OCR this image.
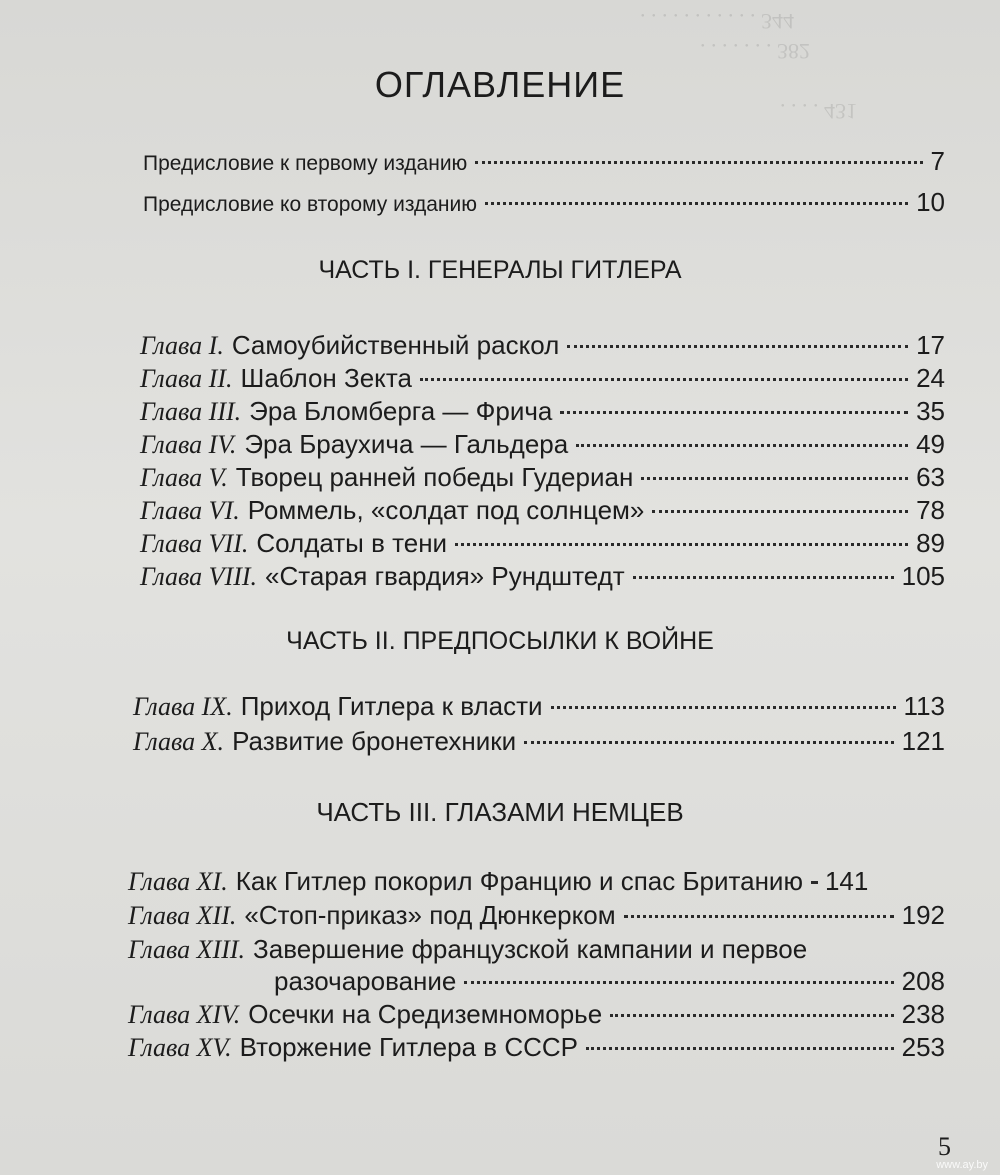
. . . . . . . . . . . 344
. . . . . . . 382
. . . . 431
ОГЛАВЛЕНИЕ
Предисловие к первому изданию	7
Предисловие ко второму изданию	10
ЧАСТЬ I. ГЕНЕРАЛЫ ГИТЛЕРА
Глава I. Самоубийственный раскол	17
Глава II. Шаблон Зекта	24
Глава III. Эра Бломберга — Фрича	35
Глава IV. Эра Браухича — Гальдера	49
Глава V. Творец ранней победы Гудериан	63
Глава VI. Роммель, «солдат под солнцем»	78
Глава VII. Солдаты в тени	89
Глава VIII. «Старая гвардия» Рундштедт	105
ЧАСТЬ II. ПРЕДПОСЫЛКИ К ВОЙНЕ
Глава IX. Приход Гитлера к власти	113
Глава X. Развитие бронетехники	121
ЧАСТЬ III. ГЛАЗАМИ НЕМЦЕВ
Глава XI. Как Гитлер покорил Францию и спас Британию 141
Глава XII. «Стоп-приказ» под Дюнкерком	192
Глава XIII. Завершение французской кампании и первое
разочарование	208
Глава XIV. Осечки на Средиземноморье	238
Глава XV. Вторжение Гитлера в СССР	253
5
www.ay.by
